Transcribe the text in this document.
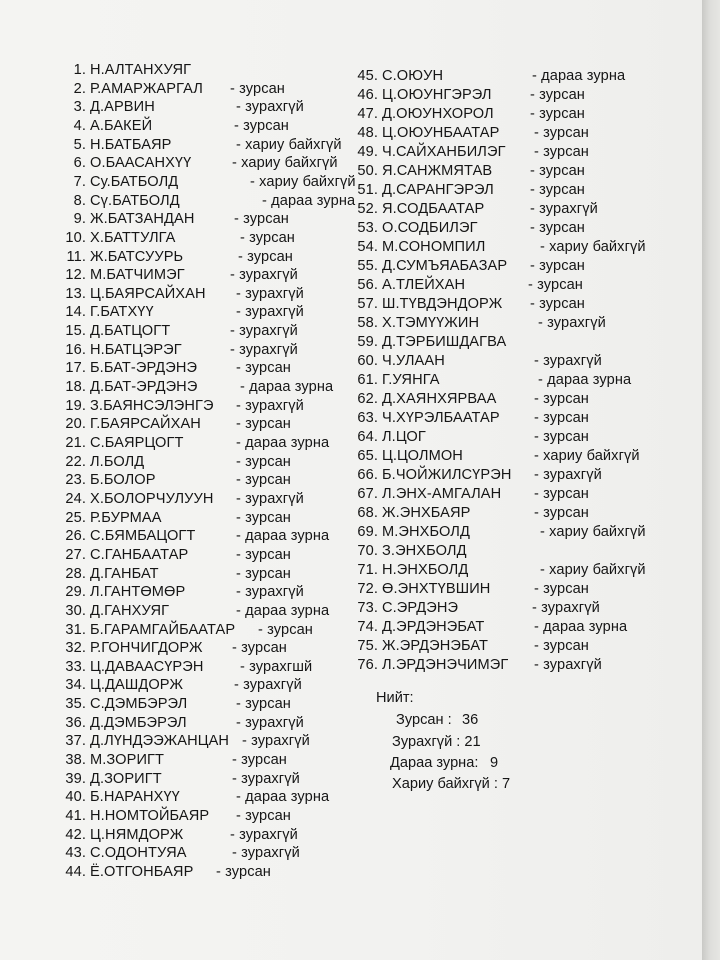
1. Н.АЛТАНХУЯГ
2. Р.АМАРЖАРГАЛ - зурсан
3. Д.АРВИН	- зурахгүй
4. А.БАКЕЙ	- зурсан
5. Н.БАТБАЯР	- хариу байхгүй
6. О.БААСАНХҮҮ	- хариу байхгүй
7. Су.БАТБОЛД	- хариу байхгүй
8. Сү.БАТБОЛД	- дараа зурна
9. Ж.БАТЗАНДАН	- зурсан
10. Х.БАТТУЛГА	- зурсан
11. Ж.БАТСУУРЬ	- зурсан
12. М.БАТЧИМЭГ	- зурахгүй
13. Ц.БАЯРСАЙХАН - зурахгүй
14. Г.БАТХҮҮ	- зурахгүй
15. Д.БАТЦОГТ	- зурахгүй
16. Н.БАТЦЭРЭГ	- зурахгүй
17. Б.БАТ-ЭРДЭНЭ	- зурсан
18. Д.БАТ-ЭРДЭНЭ	- дараа зурна
19. З.БАЯНСЭЛЭНГЭ - зурахгүй
20. Г.БАЯРСАЙХАН - зурсан
21. С.БАЯРЦОГТ	- дараа зурна
22. Л.БОЛД	- зурсан
23. Б.БОЛОР	- зурсан
24. Х.БОЛОРЧУЛУУН - зурахгүй
25. Р.БУРМАА	- зурсан
26. С.БЯМБАЦОГТ	- дараа зурна
27. С.ГАНБААТАР	- зурсан
28. Д.ГАНБАТ	- зурсан
29. Л.ГАНТӨМӨР	- зурахгүй
30. Д.ГАНХУЯГ	- дараа зурна
31. Б.ГАРАМГАЙБААТАР - зурсан
32. Р.ГОНЧИГДОРЖ - зурсан
33. Ц.ДАВААСҮРЭН	- зурахгшй
34. Ц.ДАШДОРЖ	- зурахгүй
35. С.ДЭМБЭРЭЛ	- зурсан
36. Д.ДЭМБЭРЭЛ	- зурахгүй
37. Д.ЛҮНДЭЭЖАНЦАН - зурахгүй
38. М.ЗОРИГТ	- зурсан
39. Д.ЗОРИГТ	- зурахгүй
40. Б.НАРАНХҮҮ	- дараа зурна
41. Н.НОМТОЙБАЯР - зурсан
42. Ц.НЯМДОРЖ	- зурахгүй
43. С.ОДОНТУЯА	- зурахгүй
44. Ё.ОТГОНБАЯР - зурсан
45. С.ОЮУН	- дараа зурна
46. Ц.ОЮУНГЭРЭЛ	- зурсан
47. Д.ОЮУНХОРОЛ - зурсан
48. Ц.ОЮУНБААТАР - зурсан
49. Ч.САЙХАНБИЛЭГ - зурсан
50. Я.САНЖМЯТАВ	- зурсан
51. Д.САРАНГЭРЭЛ - зурсан
52. Я.СОДБААТАР	- зурахгүй
53. О.СОДБИЛЭГ	- зурсан
54. М.СОНОМПИЛ	- хариу байхгүй
55. Д.СУМЪЯАБАЗАР - зурсан
56. А.ТЛЕЙХАН	- зурсан
57. Ш.ТҮВДЭНДОРЖ - зурсан
58. Х.ТЭМҮҮЖИН	- зурахгүй
59. Д.ТЭРБИШДАГВА
60. Ч.УЛААН	- зурахгүй
61. Г.УЯНГА	- дараа зурна
62. Д.ХАЯНХЯРВАА	- зурсан
63. Ч.ХҮРЭЛБААТАР - зурсан
64. Л.ЦОГ	- зурсан
65. Ц.ЦОЛМОН	- хариу байхгүй
66. Б.ЧОЙЖИЛСҮРЭН - зурахгүй
67. Л.ЭНХ-АМГАЛАН - зурсан
68. Ж.ЭНХБАЯР	- зурсан
69. М.ЭНХБОЛД	- хариу байхгүй
70. З.ЭНХБОЛД
71. Н.ЭНХБОЛД	- хариу байхгүй
72. Ө.ЭНХТҮВШИН	- зурсан
73. С.ЭРДЭНЭ	- зурахгүй
74. Д.ЭРДЭНЭБАТ	- дараа зурна
75. Ж.ЭРДЭНЭБАТ	- зурсан
76. Л.ЭРДЭНЭЧИМЭГ - зурахгүй
Нийт:
Зурсан : 36
Зурахгүй : 21
Дараа зурна: 9
Хариу байхгүй : 7
